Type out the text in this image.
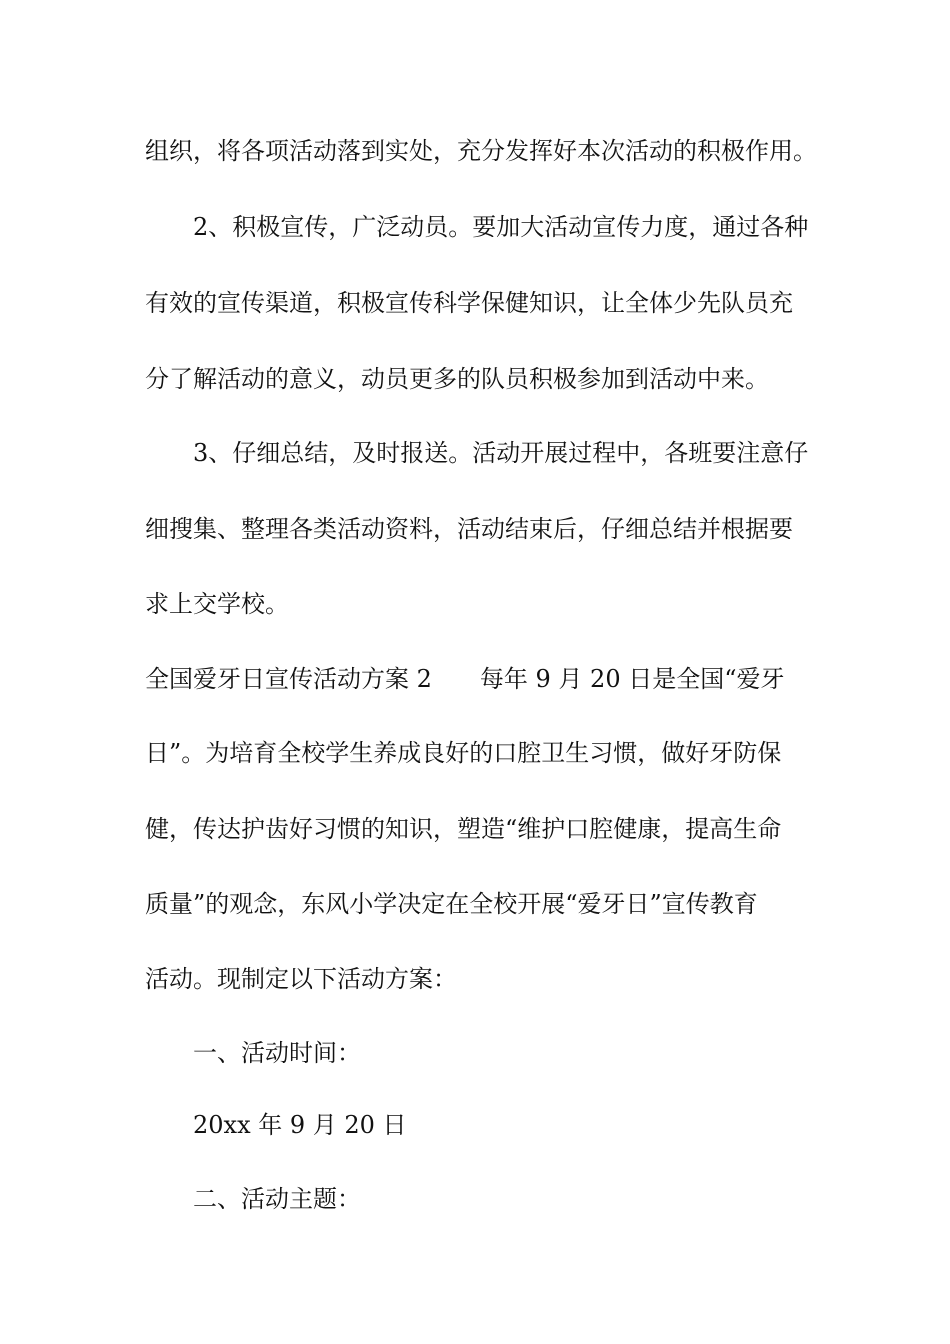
组织，将各项活动落到实处，充分发挥好本次活动的积极作用。
2、积极宣传，广泛动员。要加大活动宣传力度，通过各种
有效的宣传渠道，积极宣传科学保健知识，让全体少先队员充
分了解活动的意义，动员更多的队员积极参加到活动中来。
3、仔细总结，及时报送。活动开展过程中，各班要注意仔
细搜集、整理各类活动资料，活动结束后，仔细总结并根据要
求上交学校。
全国爱牙日宣传活动方案 2　　每年 9 月 20 日是全国“爱牙
日”。为培育全校学生养成良好的口腔卫生习惯，做好牙防保
健，传达护齿好习惯的知识，塑造“维护口腔健康，提高生命
质量”的观念，东风小学决定在全校开展“爱牙日”宣传教育
活动。现制定以下活动方案：
一、活动时间：
20xx 年 9 月 20 日
二、活动主题：
